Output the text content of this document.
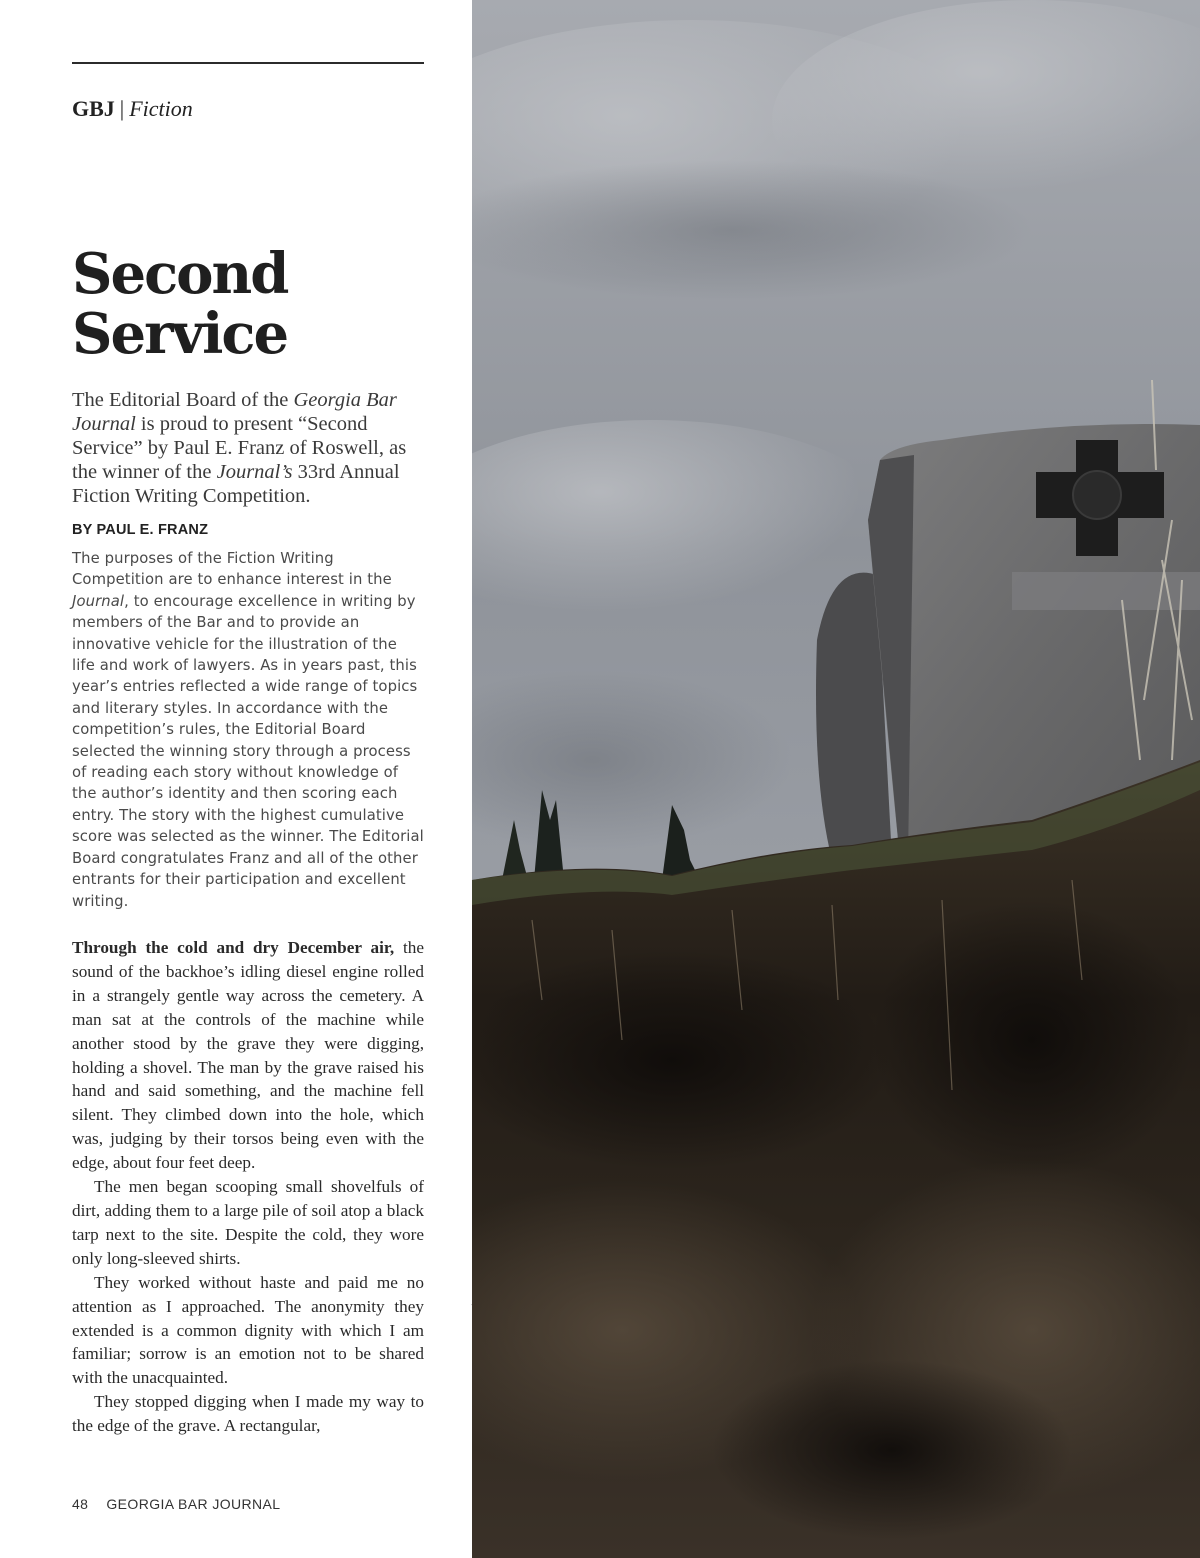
GBJ | Fiction
Second
Service
The Editorial Board of the Georgia Bar Journal is proud to present “Second Service” by Paul E. Franz of Roswell, as the winner of the Journal’s 33rd Annual Fiction Writing Competition.
BY PAUL E. FRANZ
The purposes of the Fiction Writing Competition are to enhance interest in the Journal, to encourage excellence in writing by members of the Bar and to provide an innovative vehicle for the illustration of the life and work of lawyers. As in years past, this year’s entries reflected a wide range of topics and literary styles. In accordance with the competition’s rules, the Editorial Board selected the winning story through a process of reading each story without knowledge of the author’s identity and then scoring each entry. The story with the highest cumulative score was selected as the winner. The Editorial Board congratulates Franz and all of the other entrants for their participation and excellent writing.

Through the cold and dry December air, the sound of the backhoe’s idling diesel engine rolled in a strangely gentle way across the cemetery. A man sat at the controls of the machine while another stood by the grave they were digging, holding a shovel. The man by the grave raised his hand and said something, and the machine fell silent. They climbed down into the hole, which was, judging by their torsos being even with the edge, about four feet deep.

The men began scooping small shovelfuls of dirt, adding them to a large pile of soil atop a black tarp next to the site. Despite the cold, they wore only long-sleeved shirts.

They worked without haste and paid me no attention as I approached. The anonymity they extended is a common dignity with which I am familiar; sorrow is an emotion not to be shared with the unacquainted.

They stopped digging when I made my way to the edge of the grave. A rectangular,

48 GEORGIA BAR JOURNAL
